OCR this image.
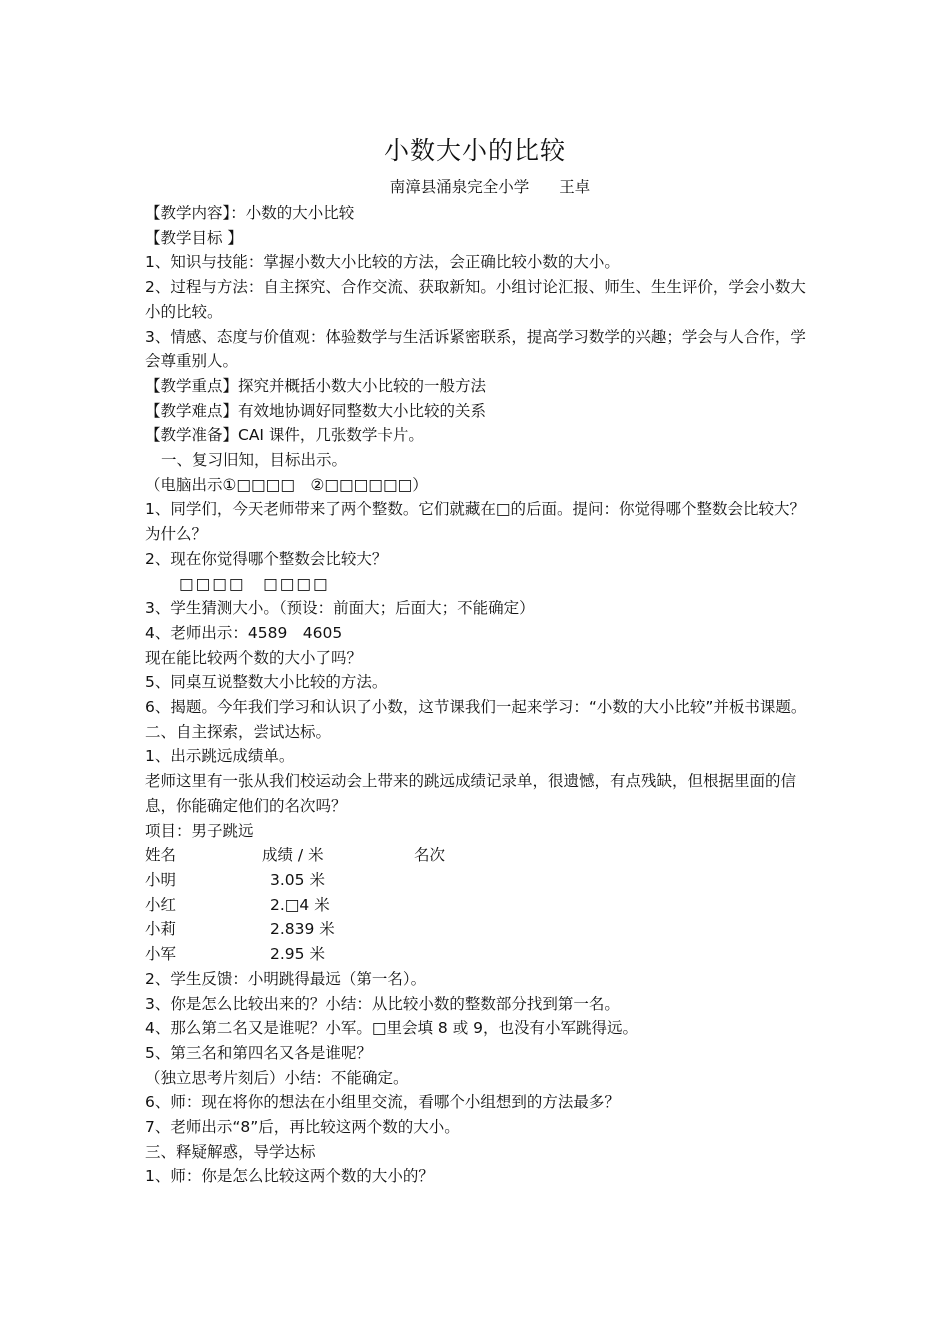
小数大小的比较
南漳县涌泉完全小学 王卓

【教学内容】：小数的大小比较

【教学目标 】

1、知识与技能：掌握小数大小比较的方法，会正确比较小数的大小。

2、过程与方法：自主探究、合作交流、获取新知。小组讨论汇报、师生、生生评价，学会小数大小的比较。

3、情感、态度与价值观：体验数学与生活诉紧密联系，提高学习数学的兴趣；学会与人合作，学会尊重别人。

【教学重点】探究并概括小数大小比较的一般方法

【教学难点】有效地协调好同整数大小比较的关系

【教学准备】CAI 课件，几张数学卡片。

一、复习旧知，目标出示。

（电脑出示①□□□□　②□□□□□□）

1、同学们，今天老师带来了两个整数。它们就藏在□的后面。提问：你觉得哪个整数会比较大？为什么？

2、现在你觉得哪个整数会比较大？

□□□□　□□□□

3、学生猜测大小。（预设：前面大；后面大；不能确定）

4、老师出示：4589　4605

现在能比较两个数的大小了吗？

5、同桌互说整数大小比较的方法。

6、揭题。今年我们学习和认识了小数，这节课我们一起来学习：“小数的大小比较”并板书课题。

二、自主探索，尝试达标。

1、出示跳远成绩单。

老师这里有一张从我们校运动会上带来的跳远成绩记录单，很遗憾，有点残缺，但根据里面的信息，你能确定他们的名次吗？

项目：男子跳远

姓名	成绩 / 米	名次
小明	3.05 米
小红	2.□4 米
小莉	2.839 米
小军	2.95 米

2、学生反馈：小明跳得最远（第一名）。

3、你是怎么比较出来的？小结：从比较小数的整数部分找到第一名。

4、那么第二名又是谁呢？小军。□里会填 8 或 9，也没有小军跳得远。

5、第三名和第四名又各是谁呢？

（独立思考片刻后）小结：不能确定。

6、师：现在将你的想法在小组里交流，看哪个小组想到的方法最多？

7、老师出示“8”后，再比较这两个数的大小。

三、释疑解惑，导学达标

1、师：你是怎么比较这两个数的大小的？
